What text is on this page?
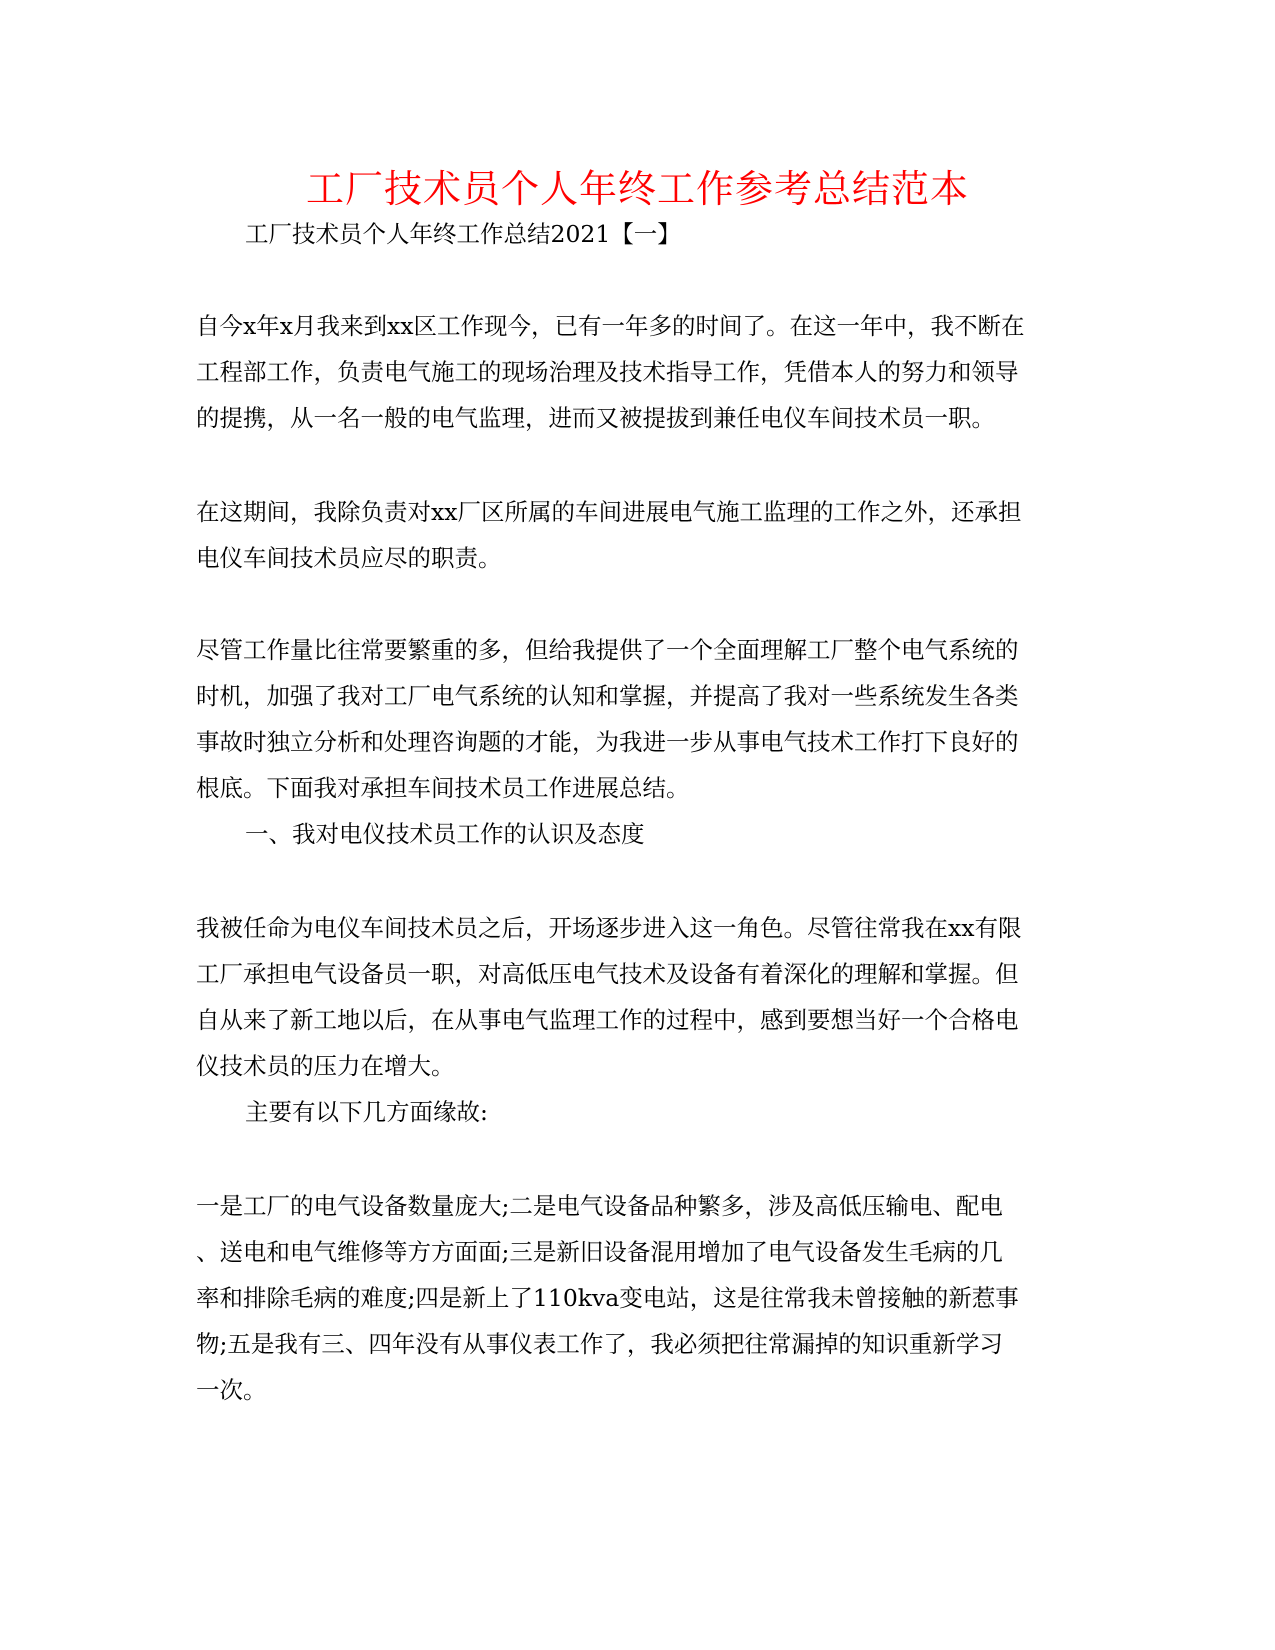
工厂技术员个人年终工作参考总结范本
工厂技术员个人年终工作总结2021【一】
自今x年x月我来到xx区工作现今，已有一年多的时间了。在这一年中，我不断在
工程部工作，负责电气施工的现场治理及技术指导工作，凭借本人的努力和领导
的提携，从一名一般的电气监理，进而又被提拔到兼任电仪车间技术员一职。
在这期间，我除负责对xx厂区所属的车间进展电气施工监理的工作之外，还承担
电仪车间技术员应尽的职责。
尽管工作量比往常要繁重的多，但给我提供了一个全面理解工厂整个电气系统的
时机，加强了我对工厂电气系统的认知和掌握，并提高了我对一些系统发生各类
事故时独立分析和处理咨询题的才能，为我进一步从事电气技术工作打下良好的
根底。下面我对承担车间技术员工作进展总结。
一、我对电仪技术员工作的认识及态度
我被任命为电仪车间技术员之后，开场逐步进入这一角色。尽管往常我在xx有限
工厂承担电气设备员一职，对高低压电气技术及设备有着深化的理解和掌握。但
自从来了新工地以后，在从事电气监理工作的过程中，感到要想当好一个合格电
仪技术员的压力在增大。
主要有以下几方面缘故:
一是工厂的电气设备数量庞大;二是电气设备品种繁多，涉及高低压输电、配电
、送电和电气维修等方方面面;三是新旧设备混用增加了电气设备发生毛病的几
率和排除毛病的难度;四是新上了110kva变电站，这是往常我未曾接触的新惹事
物;五是我有三、四年没有从事仪表工作了，我必须把往常漏掉的知识重新学习
一次。
